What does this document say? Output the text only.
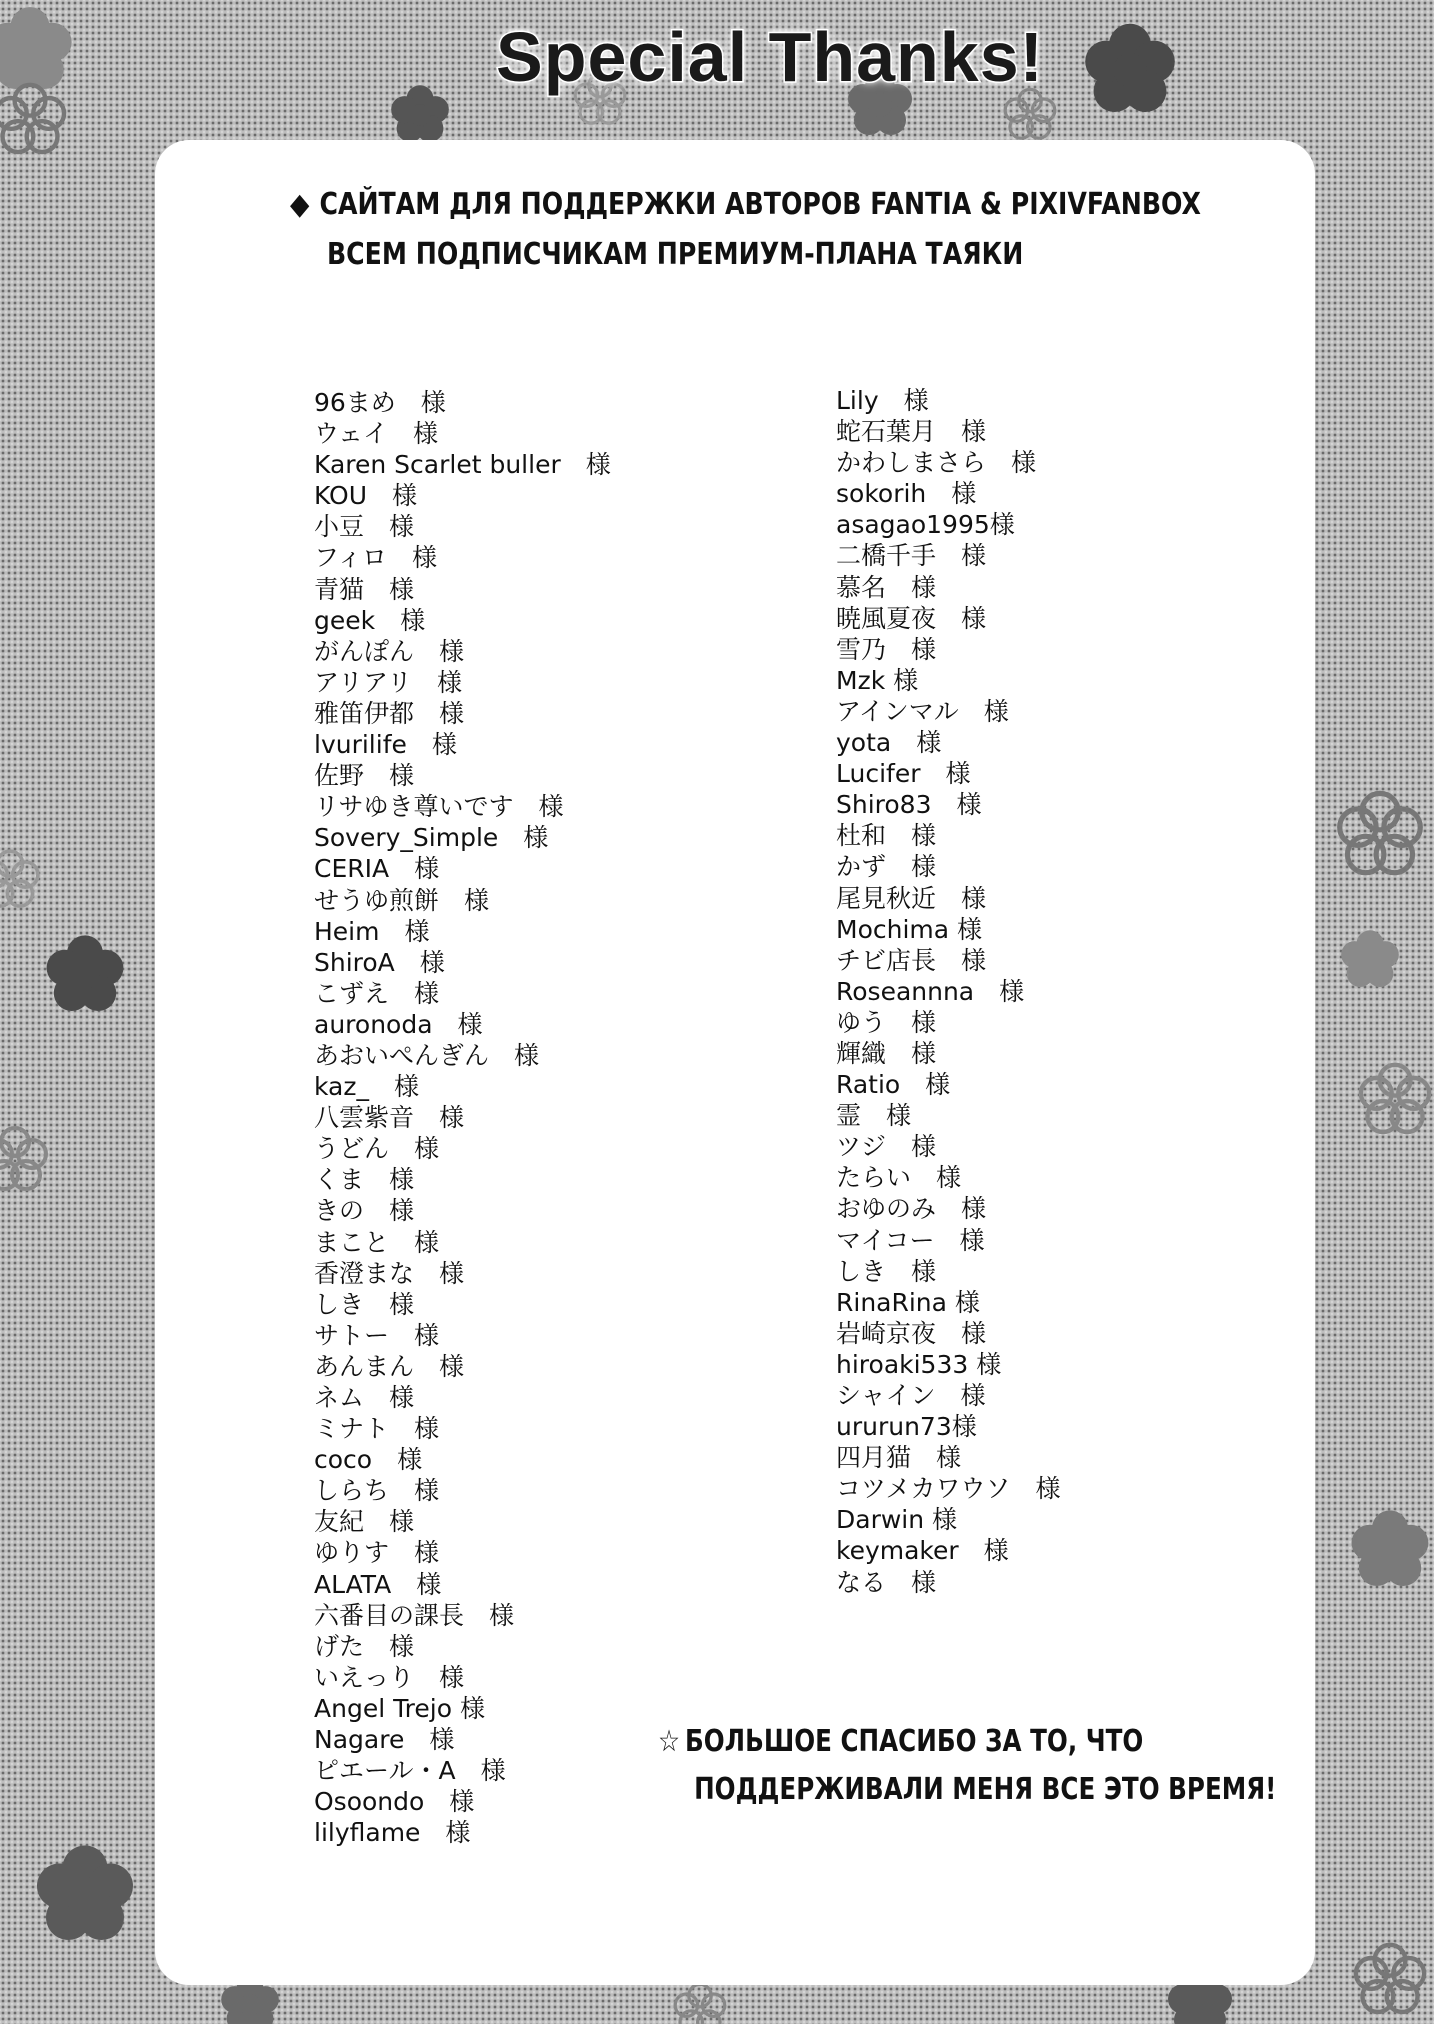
Special Thanks!
◆ САЙТАМ ДЛЯ ПОДДЕРЖКИ АВТОРОВ FANTIA & PIXIVFANBOX
ВСЕМ ПОДПИСЧИКАМ ПРЕМИУМ-ПЛАНА ТАЯКИ
96まめ　様
ウェイ　様
Karen Scarlet buller　様
KOU　様
小豆　様
フィロ　様
青猫　様
geek　様
がんぽん　様
アリアリ　様
雅笛伊都　様
lvurilife　様
佐野　様
リサゆき尊いです　様
Sovery_Simple　様
CERIA　様
せうゆ煎餅　様
Heim　様
ShiroA　様
こずえ　様
auronoda　様
あおいぺんぎん　様
kaz_　様
八雲紫音　様
うどん　様
くま　様
きの　様
まこと　様
香澄まな　様
しき　様
サトー　様
あんまん　様
ネム　様
ミナト　様
coco　様
しらち　様
友紀　様
ゆりす　様
ALATA　様
六番目の課長　様
げた　様
いえっり　様
Angel Trejo 様
Nagare　様
ピエール・A　様
Osoondo　様
lilyflame　様
Lily　様
蛇石葉月　様
かわしまさら　様
sokorih　様
asagao1995様
二橋千手　様
慕名　様
暁風夏夜　様
雪乃　様
Mzk 様
アインマル　様
yota　様
Lucifer　様
Shiro83　様
杜和　様
かず　様
尾見秋近　様
Mochima 様
チビ店長　様
Roseannna　様
ゆう　様
輝織　様
Ratio　様
霊　様
ツジ　様
たらい　様
おゆのみ　様
マイコー　様
しき　様
RinaRina 様
岩崎京夜　様
hiroaki533 様
シャイン　様
ururun73様
四月猫　様
コツメカワウソ　様
Darwin 様
keymaker　様
なる　様
☆ БОЛЬШОЕ СПАСИБО ЗА ТО, ЧТО
ПОДДЕРЖИВАЛИ МЕНЯ ВСЕ ЭТО ВРЕМЯ!
